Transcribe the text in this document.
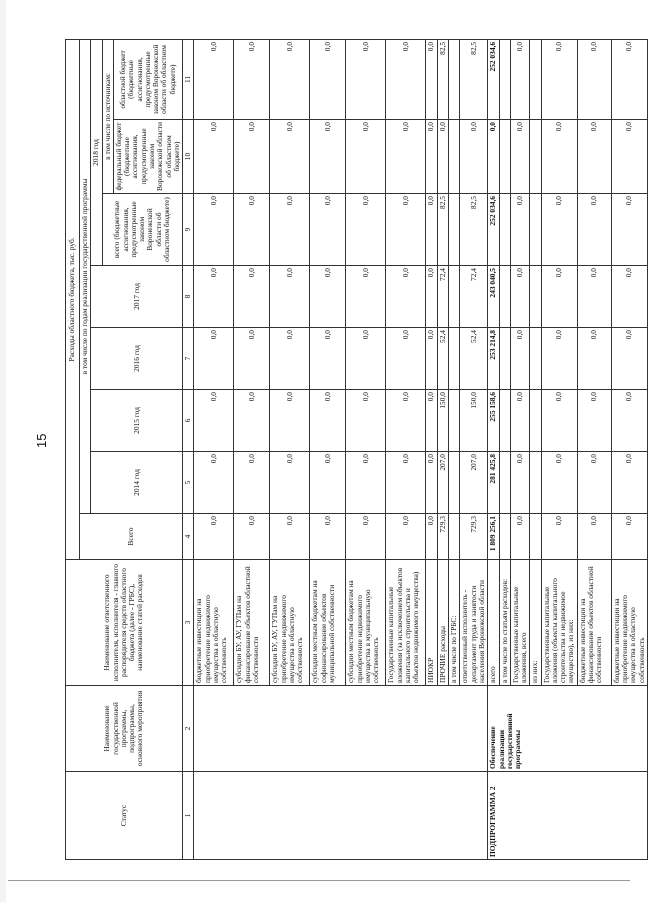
15
Статус	Наименование государственной программы, подпрограммы, основного мероприятия	Наименование ответственного исполнителя, исполнителя - главного распорядителя средств областного бюджета (далее - ГРБС), наименование статей расходов	Расходы областного бюджета, тыс. руб.							
			Всего	в том числе по годам реализации государственной программы						
				2014 год	2015 год	2016 год	2017 год	2018 год		
								всего (бюджетные ассигнования, предусмотренные законом Воронежской области об областном бюджете)	в том числе по источникам:	
									федеральный бюджет (бюджетные ассигнования, предусмотренные законом Воронежской области об областном бюджете)	областной бюджет (бюджетные ассигнования, предусмотренные законом Воронежской области об областном бюджете)
1	2	3	4	5	6	7	8	9	10	11
		бюджетные инвестиции на приобретение недвижимого имущества в областную собственность	0,0	0,0	0,0	0,0	0,0	0,0	0,0	0,0
		субсидии БУ, АУ, ГУПам на финансирование объектов областной собственности	0,0	0,0	0,0	0,0	0,0	0,0	0,0	0,0
		субсидии БУ, АУ, ГУПам на приобретение недвижимого имущества в областную собственность	0,0	0,0	0,0	0,0	0,0	0,0	0,0	0,0
		субсидии местным бюджетам на софинансирование объектов муниципальной собственности	0,0	0,0	0,0	0,0	0,0	0,0	0,0	0,0
		субсидии местным бюджетам на приобретение недвижимого имущества в муниципальную собственность	0,0	0,0	0,0	0,0	0,0	0,0	0,0	0,0
		Государственные капитальные вложения (за исключением объектов капитального строительства и объектов недвижимого имущества)	0,0	0,0	0,0	0,0	0,0	0,0	0,0	0,0
		НИОКР	0,0	0,0	0,0	0,0	0,0	0,0	0,0	0,0
		ПРОЧИЕ расходы	729,3	207,0	150,0	52,4	72,4	82,5	0,0	82,5
		в том числе по ГРБС:								
		ответственный исполнитель - департамент труда и занятости населения Воронежской области	729,3	207,0	150,0	52,4	72,4	82,5	0,0	82,5
ПОДПРОГРАММА 2	Обеспечение реализации государственной программы	всего	1 809 256,1	281 425,8	255 158,6	253 214,8	243 040,5	252 034,6	0,0	252 034,6
		в том числе по статьям расходов:								
		Государственные капитальные вложения, всего	0,0	0,0	0,0	0,0	0,0	0,0	0,0	0,0
		из них:								
		Государственные капитальные вложения (объекты капитального строительства и недвижимое имущество), из них:	0,0	0,0	0,0	0,0	0,0	0,0	0,0	0,0
		бюджетные инвестиции на финансирование объектов областной собственности	0,0	0,0	0,0	0,0	0,0	0,0	0,0	0,0
		бюджетные инвестиции на приобретение недвижимого имущества в областную собственность	0,0	0,0	0,0	0,0	0,0	0,0	0,0	0,0
